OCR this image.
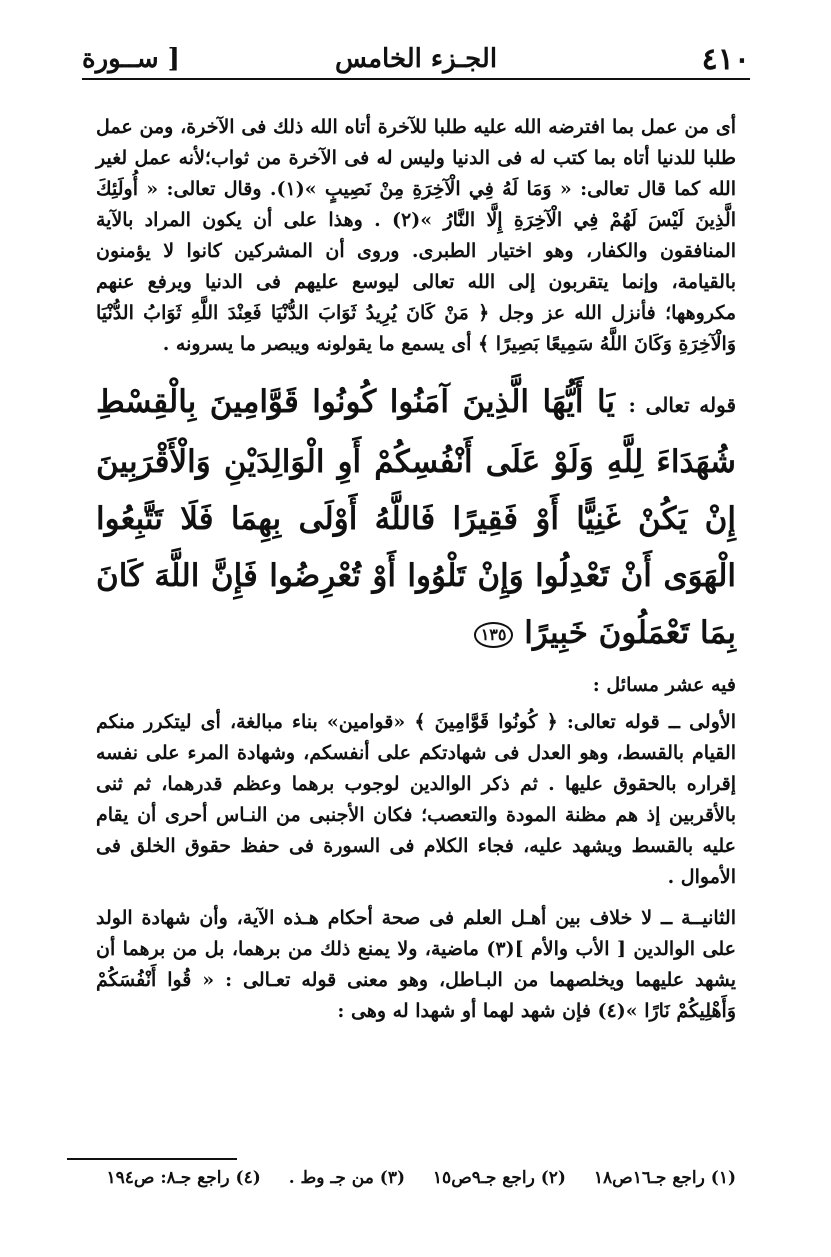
٤١٠
الجـزء الخامس
[ ســورة

أى من عمل بما افترضه الله عليه طلبا للآخرة أتاه الله ذلك فى الآخرة، ومن عمل طلبا للدنيا أتاه بما كتب له فى الدنيا وليس له فى الآخرة من ثواب؛لأنه عمل لغير الله كما قال تعالى: « وَمَا لَهُ فِي الْآخِرَةِ مِنْ نَصِيبٍ »(١). وقال تعالى: « أُولَئِكَ الَّذِينَ لَيْسَ لَهُمْ فِي الْآخِرَةِ إِلَّا النَّارُ »(٢) . وهذا على أن يكون المراد بالآية المنافقون والكفار، وهو اختيار الطبرى. وروى أن المشركين كانوا لا يؤمنون بالقيامة، وإنما يتقربون إلى الله تعالى ليوسع عليهم فى الدنيا ويرفع عنهم مكروهها؛ فأنزل الله عز وجل ﴿ مَنْ كَانَ يُرِيدُ ثَوَابَ الدُّنْيَا فَعِنْدَ اللَّهِ ثَوَابُ الدُّنْيَا وَالْآخِرَةِ وَكَانَ اللَّهُ سَمِيعًا بَصِيرًا ﴾ أى يسمع ما يقولونه ويبصر ما يسرونه .

قوله تعالى : يَا أَيُّهَا الَّذِينَ آمَنُوا كُونُوا قَوَّامِينَ بِالْقِسْطِ شُهَدَاءَ لِلَّهِ وَلَوْ عَلَى أَنْفُسِكُمْ أَوِ الْوَالِدَيْنِ وَالْأَقْرَبِينَ إِنْ يَكُنْ غَنِيًّا أَوْ فَقِيرًا فَاللَّهُ أَوْلَى بِهِمَا فَلَا تَتَّبِعُوا الْهَوَى أَنْ تَعْدِلُوا وَإِنْ تَلْوُوا أَوْ تُعْرِضُوا فَإِنَّ اللَّهَ كَانَ بِمَا تَعْمَلُونَ خَبِيرًا ١٣٥

فيه عشر مسائل :

الأولى ــ قوله تعالى: ﴿ كُونُوا قَوَّامِينَ ﴾ «قوامين» بناء مبالغة، أى ليتكرر منكم القيام بالقسط، وهو العدل فى شهادتكم على أنفسكم، وشهادة المرء على نفسه إقراره بالحقوق عليها . ثم ذكر الوالدين لوجوب برهما وعظم قدرهما، ثم ثنى بالأقربين إذ هم مظنة المودة والتعصب؛ فكان الأجنبى من النـاس أحرى أن يقام عليه بالقسط ويشهد عليه، فجاء الكلام فى السورة فى حفظ حقوق الخلق فى الأموال .

الثانيــة ــ لا خلاف بين أهـل العلم فى صحة أحكام هـذه الآية، وأن شهادة الولد على الوالدين [ الأب والأم ](٣) ماضية، ولا يمنع ذلك من برهما، بل من برهما أن يشهد عليهما ويخلصهما من البـاطل، وهو معنى قوله تعـالى : « قُوا أَنْفُسَكُمْ وَأَهْلِيكُمْ نَارًا »(٤) فإن شهد لهما أو شهدا له وهى :

(١) راجع جـ١٦ص١٨ (٢) راجع جـ٩ص١٥ (٣) من جـ وط . (٤) راجع جـ٨: ص١٩٤
